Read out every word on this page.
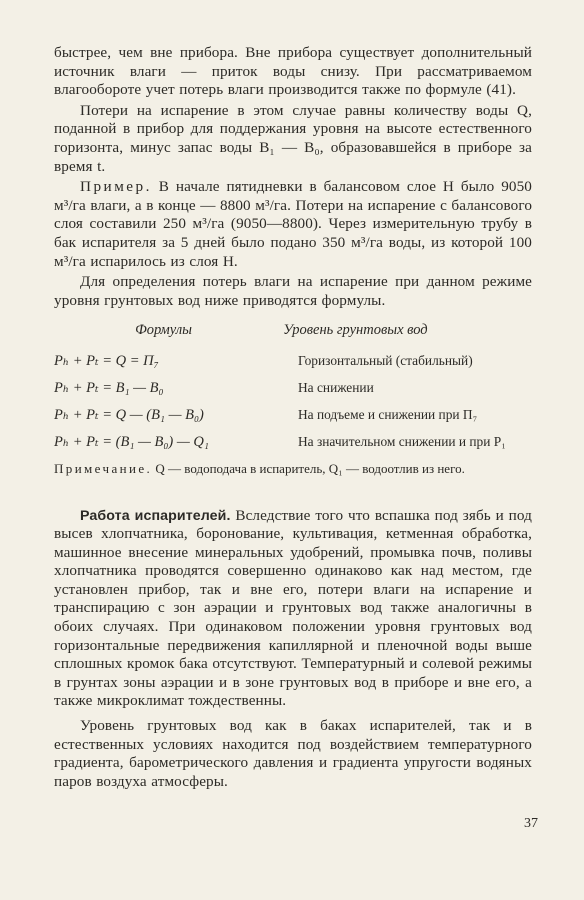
быстрее, чем вне прибора. Вне прибора существует дополнительный источник влаги — приток воды снизу. При рассматриваемом влагообороте учет потерь влаги производится также по формуле (41).

Потери на испарение в этом случае равны количеству воды Q, поданной в прибор для поддержания уровня на высоте естественного горизонта, минус запас воды B₁ — B₀, образовавшейся в приборе за время t.

Пример. В начале пятидневки в балансовом слое H было 9050 м³/га влаги, а в конце — 8800 м³/га. Потери на испарение с балансового слоя составили 250 м³/га (9050—8800). Через измерительную трубу в бак испарителя за 5 дней было подано 350 м³/га воды, из которой 100 м³/га испарилось из слоя H.

Для определения потерь влаги на испарение при данном режиме уровня грунтовых вод ниже приводятся формулы.

Формулы	Уровень грунтовых вод
Pₕ + Pₜ = Q = Π₇	Горизонтальный (стабильный)
Pₕ + Pₜ = B₁ — B₀	На снижении
Pₕ + Pₜ = Q — (B₁ — B₀)	На подъеме и снижении при Π₇
Pₕ + Pₜ = (B₁ — B₀) — Q₁	На значительном снижении и при P₁

Примечание. Q — водоподача в испаритель, Q₁ — водоотлив из него.

Работа испарителей. Вследствие того что вспашка под зябь и под высев хлопчатника, боронование, культивация, кетменная обработка, машинное внесение минеральных удобрений, промывка почв, поливы хлопчатника проводятся совершенно одинаково как над местом, где установлен прибор, так и вне его, потери влаги на испарение и транспирацию с зон аэрации и грунтовых вод также аналогичны в обоих случаях. При одинаковом положении уровня грунтовых вод горизонтальные передвижения капиллярной и пленочной воды выше сплошных кромок бака отсутствуют. Температурный и солевой режимы в грунтах зоны аэрации и в зоне грунтовых вод в приборе и вне его, а также микроклимат тождественны.

Уровень грунтовых вод как в баках испарителей, так и в естественных условиях находится под воздействием температурного градиента, барометрического давления и градиента упругости водяных паров воздуха атмосферы.

37
